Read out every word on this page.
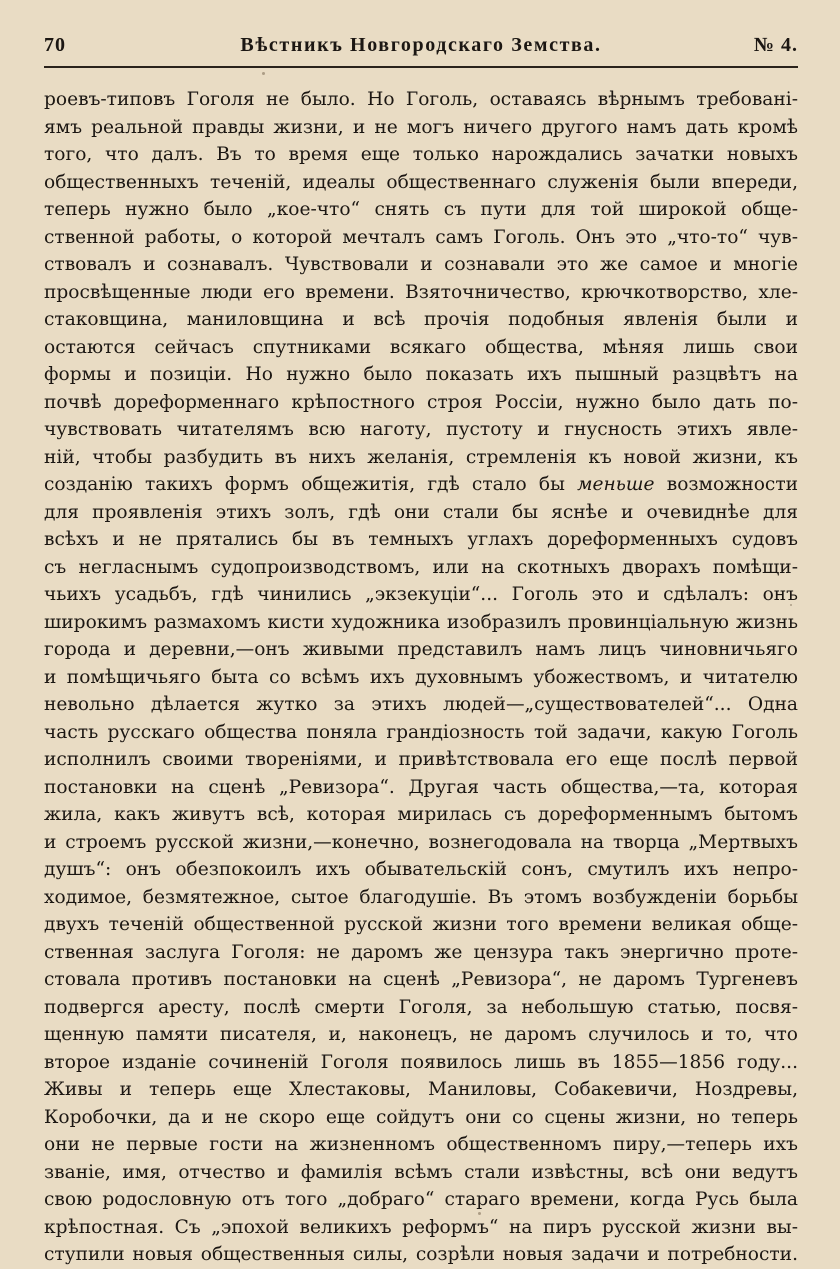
70	Вѣстникъ Новгородскаго Земства.	№ 4.
роевъ-типовъ Гоголя не было. Но Гоголь, оставаясь вѣрнымъ требованi-
ямъ реальной правды жизни, и не могъ ничего другого намъ дать кромѣ
того, что далъ. Въ то время еще только нарождались зачатки новыхъ
общественныхъ теченiй, идеалы общественнаго служенiя были впереди,
теперь нужно было „кое-что“ снять съ пути для той широкой обще-
ственной работы, о которой мечталъ самъ Гоголь. Онъ это „что-то“ чув-
ствовалъ и сознавалъ. Чувствовали и сознавали это же самое и многiе
просвѣщенные люди его времени. Взяточничество, крючкотворство, хле-
стаковщина, маниловщина и всѣ прочiя подобныя явленiя были и
остаются сейчасъ спутниками всякаго общества, мѣняя лишь свои
формы и позицiи. Но нужно было показать ихъ пышный разцвѣтъ на
почвѣ дореформеннаго крѣпостного строя Россiи, нужно было дать по-
чувствовать читателямъ всю наготу, пустоту и гнусность этихъ явле-
нiй, чтобы разбудить въ нихъ желанiя, стремленiя къ новой жизни, къ
созданiю такихъ формъ общежитiя, гдѣ стало бы меньше возможности
для проявленiя этихъ золъ, гдѣ они стали бы яснѣе и очевиднѣе для
всѣхъ и не прятались бы въ темныхъ углахъ дореформенныхъ судовъ
съ негласнымъ судопроизводствомъ, или на скотныхъ дворахъ помѣщи-
чьихъ усадьбъ, гдѣ чинились „экзекуцiи“... Гоголь это и сдѣлалъ: онъ
широкимъ размахомъ кисти художника изобразилъ провинцiальную жизнь
города и деревни,—онъ живыми представилъ намъ лицъ чиновничьяго
и помѣщичьяго быта со всѣмъ ихъ духовнымъ убожествомъ, и читателю
невольно дѣлается жутко за этихъ людей—„существователей“... Одна
часть русскаго общества поняла грандiозность той задачи, какую Гоголь
исполнилъ своими творенiями, и привѣтствовала его еще послѣ первой
постановки на сценѣ „Ревизора“. Другая часть общества,—та, которая
жила, какъ живутъ всѣ, которая мирилась съ дореформеннымъ бытомъ
и строемъ русской жизни,—конечно, вознегодовала на творца „Мертвыхъ
душъ“: онъ обезпокоилъ ихъ обывательскiй сонъ, смутилъ ихъ непро-
ходимое, безмятежное, сытое благодушiе. Въ этомъ возбужденiи борьбы
двухъ теченiй общественной русской жизни того времени великая обще-
ственная заслуга Гоголя: не даромъ же цензура такъ энергично проте-
стовала противъ постановки на сценѣ „Ревизора“, не даромъ Тургеневъ
подвергся аресту, послѣ смерти Гоголя, за небольшую статью, посвя-
щенную памяти писателя, и, наконецъ, не даромъ случилось и то, что
второе изданiе сочиненiй Гоголя появилось лишь въ 1855—1856 году...
Живы и теперь еще Хлестаковы, Маниловы, Собакевичи, Ноздревы,
Коробочки, да и не скоро еще сойдутъ они со сцены жизни, но теперь
они не первые гости на жизненномъ общественномъ пиру,—теперь ихъ
званiе, имя, отчество и фамилiя всѣмъ стали извѣстны, всѣ они ведутъ
свою родословную отъ того „добраго“ стараго времени, когда Русь была
крѣпостная. Съ „эпохой великихъ реформъ“ на пиръ русской жизни вы-
ступили новыя общественныя силы, созрѣли новыя задачи и потребности.
